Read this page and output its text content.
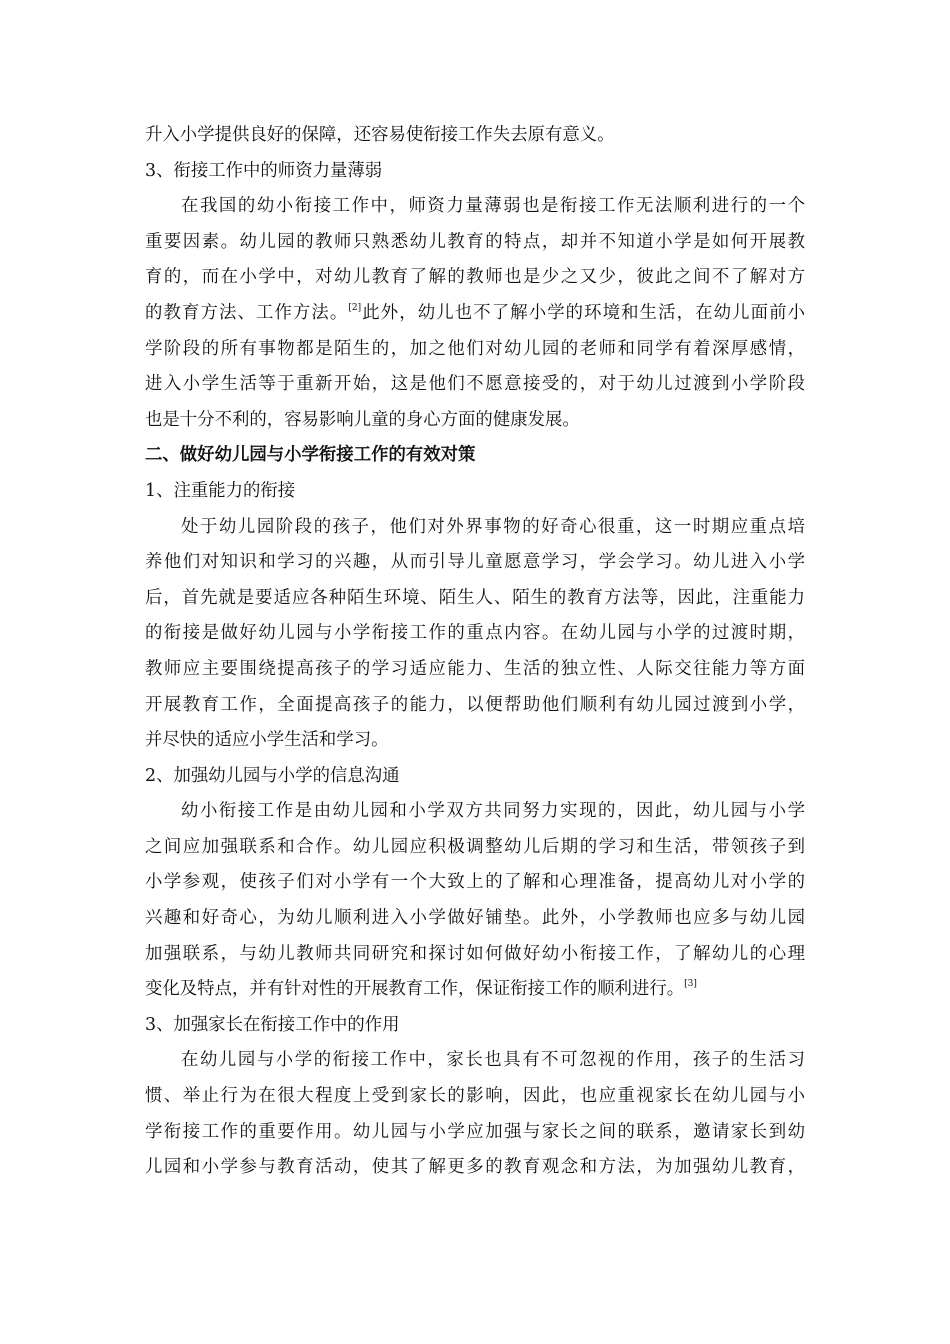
升入小学提供良好的保障，还容易使衔接工作失去原有意义。
3、衔接工作中的师资力量薄弱
在我国的幼小衔接工作中，师资力量薄弱也是衔接工作无法顺利进行的一个
重要因素。幼儿园的教师只熟悉幼儿教育的特点，却并不知道小学是如何开展教
育的，而在小学中，对幼儿教育了解的教师也是少之又少，彼此之间不了解对方
的教育方法、工作方法。[2]此外，幼儿也不了解小学的环境和生活，在幼儿面前小
学阶段的所有事物都是陌生的，加之他们对幼儿园的老师和同学有着深厚感情，
进入小学生活等于重新开始，这是他们不愿意接受的，对于幼儿过渡到小学阶段
也是十分不利的，容易影响儿童的身心方面的健康发展。
二、做好幼儿园与小学衔接工作的有效对策
1、注重能力的衔接
处于幼儿园阶段的孩子，他们对外界事物的好奇心很重，这一时期应重点培
养他们对知识和学习的兴趣，从而引导儿童愿意学习，学会学习。幼儿进入小学
后，首先就是要适应各种陌生环境、陌生人、陌生的教育方法等，因此，注重能力
的衔接是做好幼儿园与小学衔接工作的重点内容。在幼儿园与小学的过渡时期，
教师应主要围绕提高孩子的学习适应能力、生活的独立性、人际交往能力等方面
开展教育工作，全面提高孩子的能力，以便帮助他们顺利有幼儿园过渡到小学，
并尽快的适应小学生活和学习。
2、加强幼儿园与小学的信息沟通
幼小衔接工作是由幼儿园和小学双方共同努力实现的，因此，幼儿园与小学
之间应加强联系和合作。幼儿园应积极调整幼儿后期的学习和生活，带领孩子到
小学参观，使孩子们对小学有一个大致上的了解和心理准备，提高幼儿对小学的
兴趣和好奇心，为幼儿顺利进入小学做好铺垫。此外，小学教师也应多与幼儿园
加强联系，与幼儿教师共同研究和探讨如何做好幼小衔接工作，了解幼儿的心理
变化及特点，并有针对性的开展教育工作，保证衔接工作的顺利进行。[3]
3、加强家长在衔接工作中的作用
在幼儿园与小学的衔接工作中，家长也具有不可忽视的作用，孩子的生活习
惯、举止行为在很大程度上受到家长的影响，因此，也应重视家长在幼儿园与小
学衔接工作的重要作用。幼儿园与小学应加强与家长之间的联系，邀请家长到幼
儿园和小学参与教育活动，使其了解更多的教育观念和方法，为加强幼儿教育，
